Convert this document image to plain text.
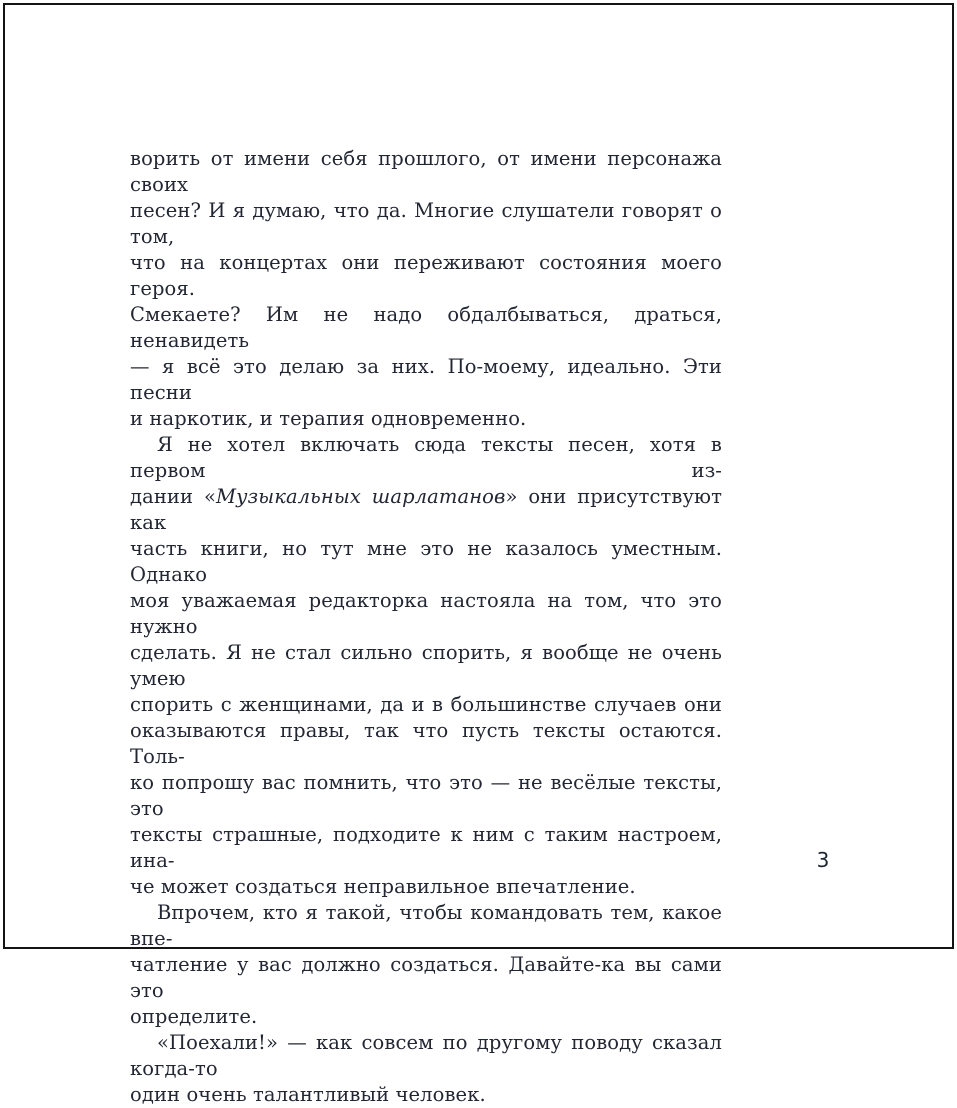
ворить от имени себя прошлого, от имени персонажа своих
песен? И я думаю, что да. Многие слушатели говорят о том,
что на концертах они переживают состояния моего героя.
Смекаете? Им не надо обдалбываться, драться, ненавидеть
— я всё это делаю за них. По-моему, идеально. Эти песни
и наркотик, и терапия одновременно.

Я не хотел включать сюда тексты песен, хотя в первом из-
дании «Музыкальных шарлатанов» они присутствуют как
часть книги, но тут мне это не казалось уместным. Однако
моя уважаемая редакторка настояла на том, что это нужно
сделать. Я не стал сильно спорить, я вообще не очень умею
спорить с женщинами, да и в большинстве случаев они
оказываются правы, так что пусть тексты остаются. Толь-
ко попрошу вас помнить, что это — не весёлые тексты, это
тексты страшные, подходите к ним с таким настроем, ина-
че может создаться неправильное впечатление.

Впрочем, кто я такой, чтобы командовать тем, какое впе-
чатление у вас должно создаться. Давайте-ка вы сами это
определите.

«Поехали!» — как совсем по другому поводу сказал когда-то
один очень талантливый человек.

3
